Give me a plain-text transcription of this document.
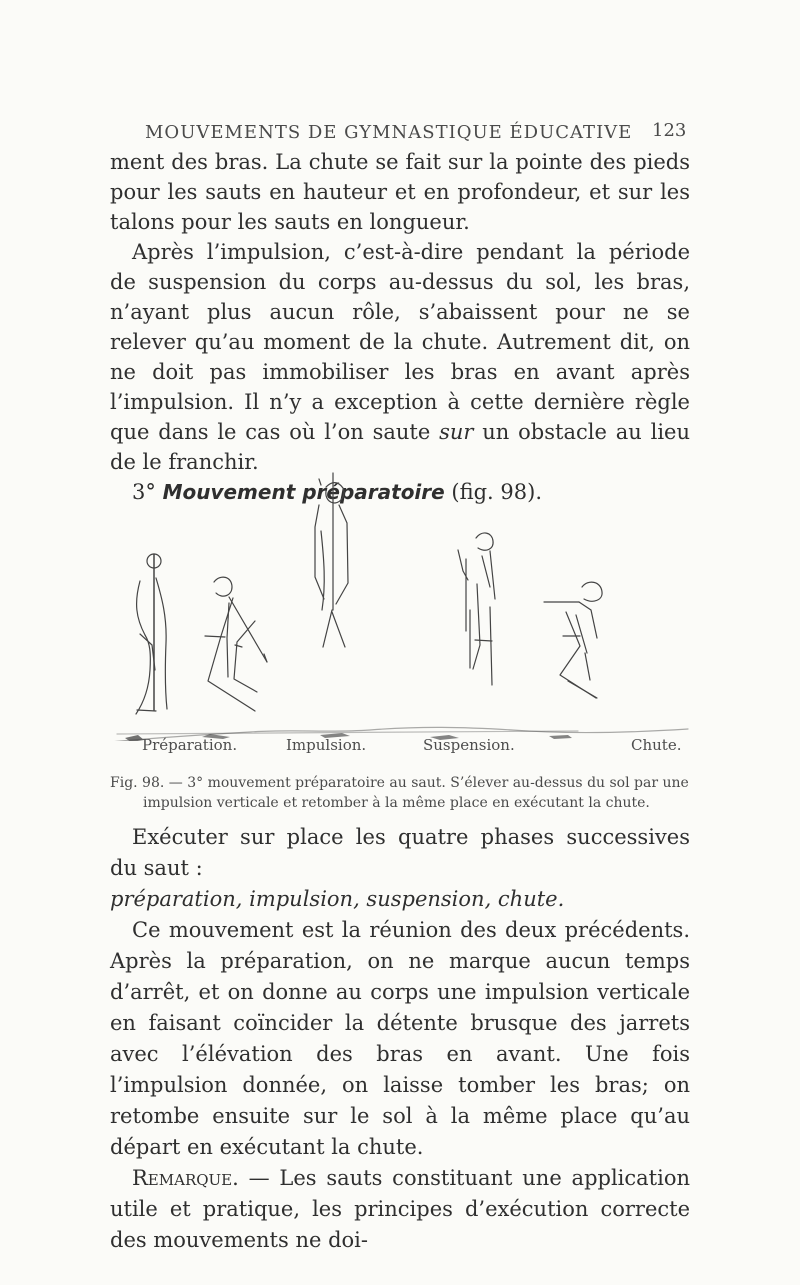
MOUVEMENTS DE GYMNASTIQUE ÉDUCATIVE	123

ment des bras. La chute se fait sur la pointe des pieds pour les sauts en hauteur et en profondeur, et sur les talons pour les sauts en longueur.

Après l’impulsion, c’est-à-dire pendant la période de suspension du corps au-dessus du sol, les bras, n’ayant plus aucun rôle, s’abaissent pour ne se relever qu’au moment de la chute. Autrement dit, on ne doit pas immobiliser les bras en avant après l’impulsion. Il n’y a exception à cette dernière règle que dans le cas où l’on saute sur un obstacle au lieu de le franchir.

3° Mouvement préparatoire (fig. 98).

Préparation.	Impulsion.	Suspension.	Chute.
Fig. 98. — 3° mouvement préparatoire au saut. S’élever au-dessus du sol par une
impulsion verticale et retomber à la même place en exécutant la chute.

Exécuter sur place les quatre phases successives du saut :

préparation, impulsion, suspension, chute.

Ce mouvement est la réunion des deux précédents. Après la préparation, on ne marque aucun temps d’arrêt, et on donne au corps une impulsion verticale en faisant coïncider la détente brusque des jarrets avec l’élévation des bras en avant. Une fois l’impulsion donnée, on laisse tomber les bras; on retombe ensuite sur le sol à la même place qu’au départ en exécutant la chute.

Remarque. — Les sauts constituant une application utile et pratique, les principes d’exécution correcte des mouvements ne doi-
